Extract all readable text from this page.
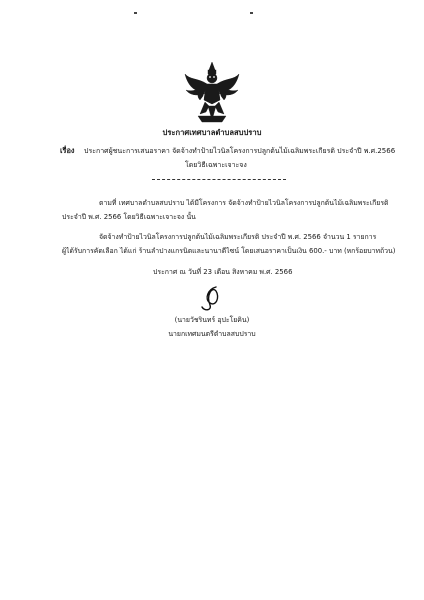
ประกาศเทศบาลตำบลสบปราบ
เรื่อง ประกาศผู้ชนะการเสนอราคา จัดจ้างทำป้ายไวนิลโครงการปลูกต้นไม้เฉลิมพระเกียรติ ประจำปี พ.ศ.2566
โดยวิธีเฉพาะเจาะจง
ตามที่ เทศบาลตำบลสบปราบ ได้มีโครงการ จัดจ้างทำป้ายไวนิลโครงการปลูกต้นไม้เฉลิมพระเกียรติ
ประจำปี พ.ศ. 2566 โดยวิธีเฉพาะเจาะจง นั้น
จัดจ้างทำป้ายไวนิลโครงการปลูกต้นไม้เฉลิมพระเกียรติ ประจำปี พ.ศ. 2566 จำนวน 1 รายการ
ผู้ได้รับการคัดเลือก ได้แก่ ร้านลำปางแกรนิตและนานาดีไซน์ โดยเสนอราคาเป็นเงิน 600.- บาท (หกร้อยบาทถ้วน)
ประกาศ ณ วันที่ 23 เดือน สิงหาคม พ.ศ. 2566
(นายวัชรินทร์ อุปะโยคิน)
นายกเทศมนตรีตำบลสบปราบ
